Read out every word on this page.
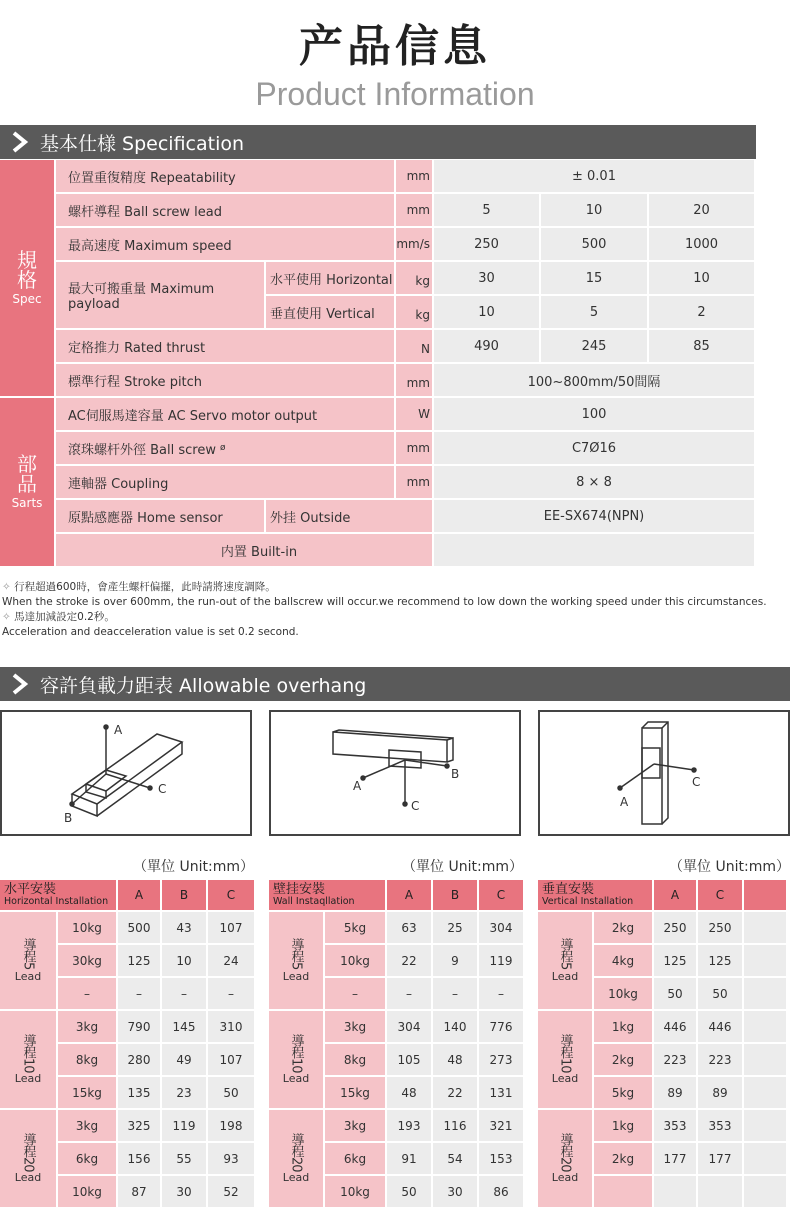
产品信息
Product Information
基本仕様 Specification
規格
Spec
部品
Sarts
位置重復精度 Repeatability	mm	± 0.01
螺杆導程 Ball screw lead	mm	5	10	20
最高速度 Maximum speed	mm/s	250	500	1000
最大可搬重量 Maximum payload
水平使用 Horizontal	kg	30	15	10
垂直使用 Vertical	kg	10	5	2
定格推力 Rated thrust	N	490	245	85
標準行程 Stroke pitch	mm	100~800mm/50間隔
AC伺服馬達容量 AC Servo motor output	W	100
滾珠螺杆外徑 Ball screw ø	mm	C7Ø16
連軸器 Coupling	mm	8 × 8
原點感應器 Home sensor	外挂 Outside	EE-SX674(NPN)
内置 Built-in
✧ 行程超過600時，會產生螺杆偏擺，此時請將速度調降。
When the stroke is over 600mm, the run-out of the ballscrew will occur.we recommend to low down the working speed under this circumstances.
✧ 馬達加減設定0.2秒。
Acceleration and deacceleration value is set 0.2 second.
容許負載力距表 Allowable overhang
A
C
B
C
A
B
C
A
（單位 Unit:mm）	（單位 Unit:mm）	（單位 Unit:mm）
水平安裝
Horizontal Installation	A	B	C
導程5
Lead
10kg	500	43	107
30kg	125	10	24
–	–	–	–
導程10
Lead
3kg	790	145	310
8kg	280	49	107
15kg	135	23	50
導程20
Lead
3kg	325	119	198
6kg	156	55	93
10kg	87	30	52
壁挂安裝
Wall Instaqllation	A	B	C
導程5
Lead
5kg	63	25	304
10kg	22	9	119
–	–	–	–
導程10
Lead
3kg	304	140	776
8kg	105	48	273
15kg	48	22	131
導程20
Lead
3kg	193	116	321
6kg	91	54	153
10kg	50	30	86
垂直安裝
Vertical Installation	A	C
導程5
Lead
2kg	250	250
4kg	125	125
10kg	50	50
導程10
Lead
1kg	446	446
2kg	223	223
5kg	89	89
導程20
Lead
1kg	353	353
2kg	177	177
